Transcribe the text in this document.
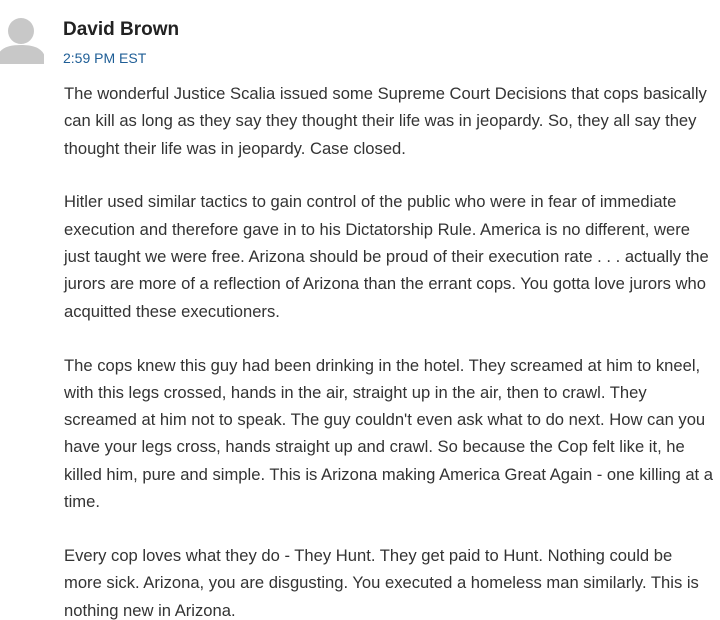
David Brown
2:59 PM EST

The wonderful Justice Scalia issued some Supreme Court Decisions that cops basically can kill as long as they say they thought their life was in jeopardy. So, they all say they thought their life was in jeopardy. Case closed.

Hitler used similar tactics to gain control of the public who were in fear of immediate execution and therefore gave in to his Dictatorship Rule. America is no different, were just taught we were free. Arizona should be proud of their execution rate . . . actually the jurors are more of a reflection of Arizona than the errant cops. You gotta love jurors who acquitted these executioners.

The cops knew this guy had been drinking in the hotel. They screamed at him to kneel, with this legs crossed, hands in the air, straight up in the air, then to crawl. They screamed at him not to speak. The guy couldn't even ask what to do next. How can you have your legs cross, hands straight up and crawl. So because the Cop felt like it, he killed him, pure and simple. This is Arizona making America Great Again - one killing at a time.

Every cop loves what they do - They Hunt. They get paid to Hunt. Nothing could be more sick. Arizona, you are disgusting. You executed a homeless man similarly. This is nothing new in Arizona.
